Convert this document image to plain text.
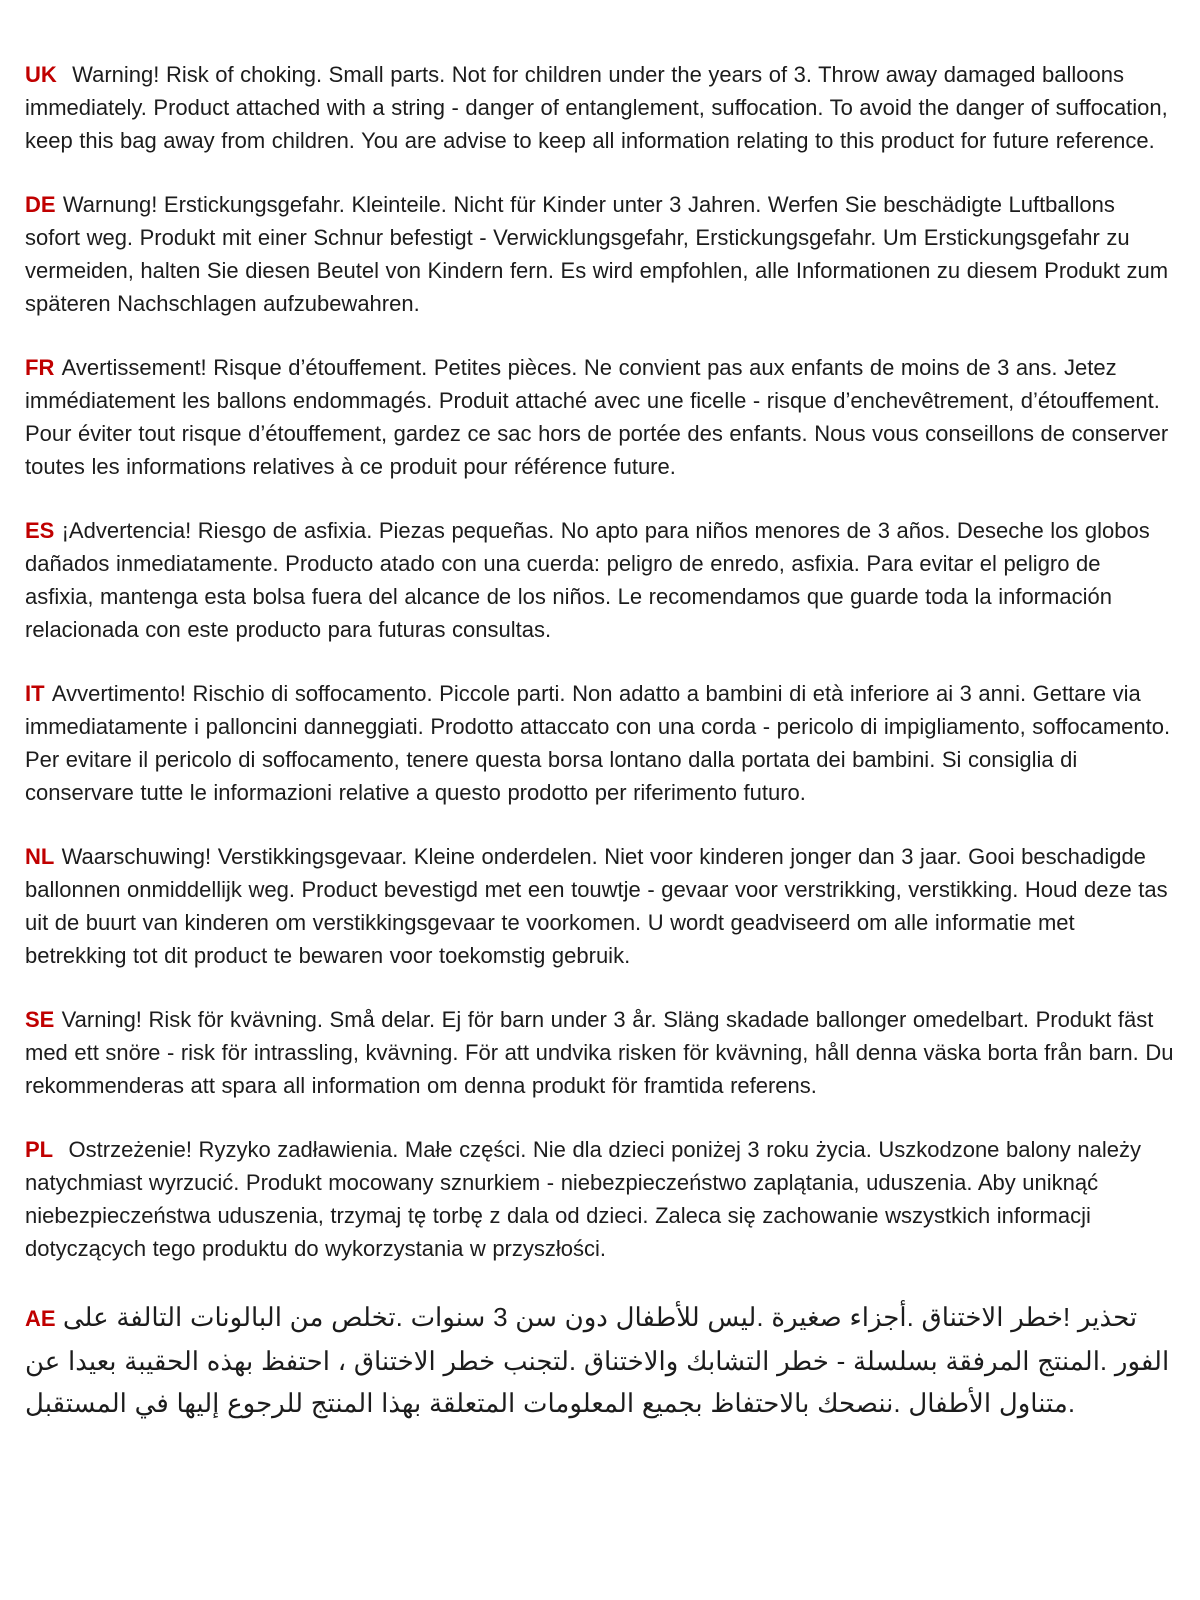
UK Warning! Risk of choking. Small parts. Not for children under the years of 3. Throw away damaged balloons immediately. Product attached with a string - danger of entanglement, suffocation. To avoid the danger of suffocation, keep this bag away from children. You are advise to keep all information relating to this product for future reference.

DE Warnung! Erstickungsgefahr. Kleinteile. Nicht für Kinder unter 3 Jahren. Werfen Sie beschädigte Luftballons sofort weg. Produkt mit einer Schnur befestigt - Verwicklungsgefahr, Erstickungsgefahr. Um Erstickungsgefahr zu vermeiden, halten Sie diesen Beutel von Kindern fern. Es wird empfohlen, alle Informationen zu diesem Produkt zum späteren Nachschlagen aufzubewahren.

FR Avertissement! Risque d’étouffement. Petites pièces. Ne convient pas aux enfants de moins de 3 ans. Jetez immédiatement les ballons endommagés. Produit attaché avec une ficelle - risque d’enchevêtrement, d’étouffement. Pour éviter tout risque d’étouffement, gardez ce sac hors de portée des enfants. Nous vous conseillons de conserver toutes les informations relatives à ce produit pour référence future.

ES ¡Advertencia! Riesgo de asfixia. Piezas pequeñas. No apto para niños menores de 3 años. Deseche los globos dañados inmediatamente. Producto atado con una cuerda: peligro de enredo, asfixia. Para evitar el peligro de asfixia, mantenga esta bolsa fuera del alcance de los niños. Le recomendamos que guarde toda la información relacionada con este producto para futuras consultas.

IT Avvertimento! Rischio di soffocamento. Piccole parti. Non adatto a bambini di età inferiore ai 3 anni. Gettare via immediatamente i palloncini danneggiati. Prodotto attaccato con una corda - pericolo di impigliamento, soffocamento. Per evitare il pericolo di soffocamento, tenere questa borsa lontano dalla portata dei bambini. Si consiglia di conservare tutte le informazioni relative a questo prodotto per riferimento futuro.

NL Waarschuwing! Verstikkingsgevaar. Kleine onderdelen. Niet voor kinderen jonger dan 3 jaar. Gooi beschadigde ballonnen onmiddellijk weg. Product bevestigd met een touwtje - gevaar voor verstrikking, verstikking. Houd deze tas uit de buurt van kinderen om verstikkingsgevaar te voorkomen. U wordt geadviseerd om alle informatie met betrekking tot dit product te bewaren voor toekomstig gebruik.

SE Varning! Risk för kvävning. Små delar. Ej för barn under 3 år. Släng skadade ballonger omedelbart. Produkt fäst med ett snöre - risk för intrassling, kvävning. För att undvika risken för kvävning, håll denna väska borta från barn. Du rekommenderas att spara all information om denna produkt för framtida referens.

PL Ostrzeżenie! Ryzyko zadławienia. Małe części. Nie dla dzieci poniżej 3 roku życia. Uszkodzone balony należy natychmiast wyrzucić. Produkt mocowany sznurkiem - niebezpieczeństwo zaplątania, uduszenia. Aby uniknąć niebezpieczeństwa uduszenia, trzymaj tę torbę z dala od dzieci. Zaleca się zachowanie wszystkich informacji dotyczących tego produktu do wykorzystania w przyszłości.

AE تحذير !خطر الاختناق .أجزاء صغيرة .ليس للأطفال دون سن 3 سنوات .تخلص من البالونات التالفة على الفور .المنتج المرفقة بسلسلة - خطر التشابك والاختناق .لتجنب خطر الاختناق ، احتفظ بهذه الحقيبة بعيدا عن متناول الأطفال .ننصحك بالاحتفاظ بجميع المعلومات المتعلقة بهذا المنتج للرجوع إليها في المستقبل.
